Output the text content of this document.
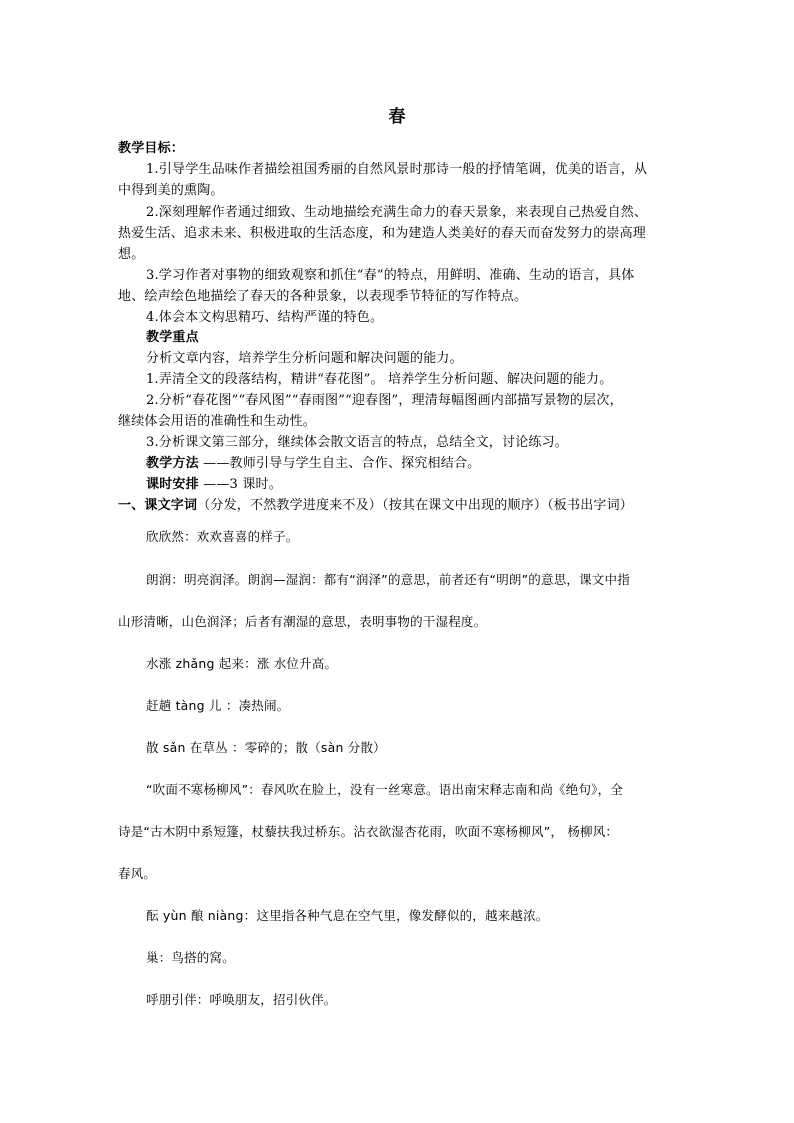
春
教学目标：
1.引导学生品味作者描绘祖国秀丽的自然风景时那诗一般的抒情笔调，优美的语言，从
中得到美的熏陶。
2.深刻理解作者通过细致、生动地描绘充满生命力的春天景象，来表现自己热爱自然、
热爱生活、追求未来、积极进取的生活态度，和为建造人类美好的春天而奋发努力的崇高理
想。
3.学习作者对事物的细致观察和抓住“春”的特点，用鲜明、准确、生动的语言，具体
地、绘声绘色地描绘了春天的各种景象，以表现季节特征的写作特点。
4.体会本文构思精巧、结构严谨的特色。
教学重点
分析文章内容，培养学生分析问题和解决问题的能力。
1.弄清全文的段落结构，精讲“春花图”。 培养学生分析问题、解决问题的能力。
2.分析“春花图”“春风图”“春雨图”“迎春图”，理清每幅图画内部描写景物的层次，
继续体会用语的准确性和生动性。
3.分析课文第三部分，继续体会散文语言的特点，总结全文，讨论练习。
教学方法 ——教师引导与学生自主、合作、探究相结合。
课时安排 ——3 课时。
一、课文字词（分发，不然教学进度来不及）（按其在课文中出现的顺序）（板书出字词）
欣欣然：欢欢喜喜的样子。
朗润：明亮润泽。朗润—湿润：都有“润泽”的意思，前者还有“明朗”的意思，课文中指
山形清晰，山色润泽；后者有潮湿的意思，表明事物的干湿程度。
水涨 zhǎng 起来：涨 水位升高。
赶趟 tàng 儿 ：凑热闹。
散 sǎn 在草丛 ：零碎的；散（sàn 分散）
“吹面不寒杨柳风”：春风吹在脸上，没有一丝寒意。语出南宋释志南和尚《绝句》，全
诗是“古木阴中系短篷，杖藜扶我过桥东。沾衣欲湿杏花雨，吹面不寒杨柳风”， 杨柳风：
春风。
酝 yùn 酿 niàng：这里指各种气息在空气里，像发酵似的，越来越浓。
巢：鸟搭的窝。
呼朋引伴：呼唤朋友，招引伙伴。
